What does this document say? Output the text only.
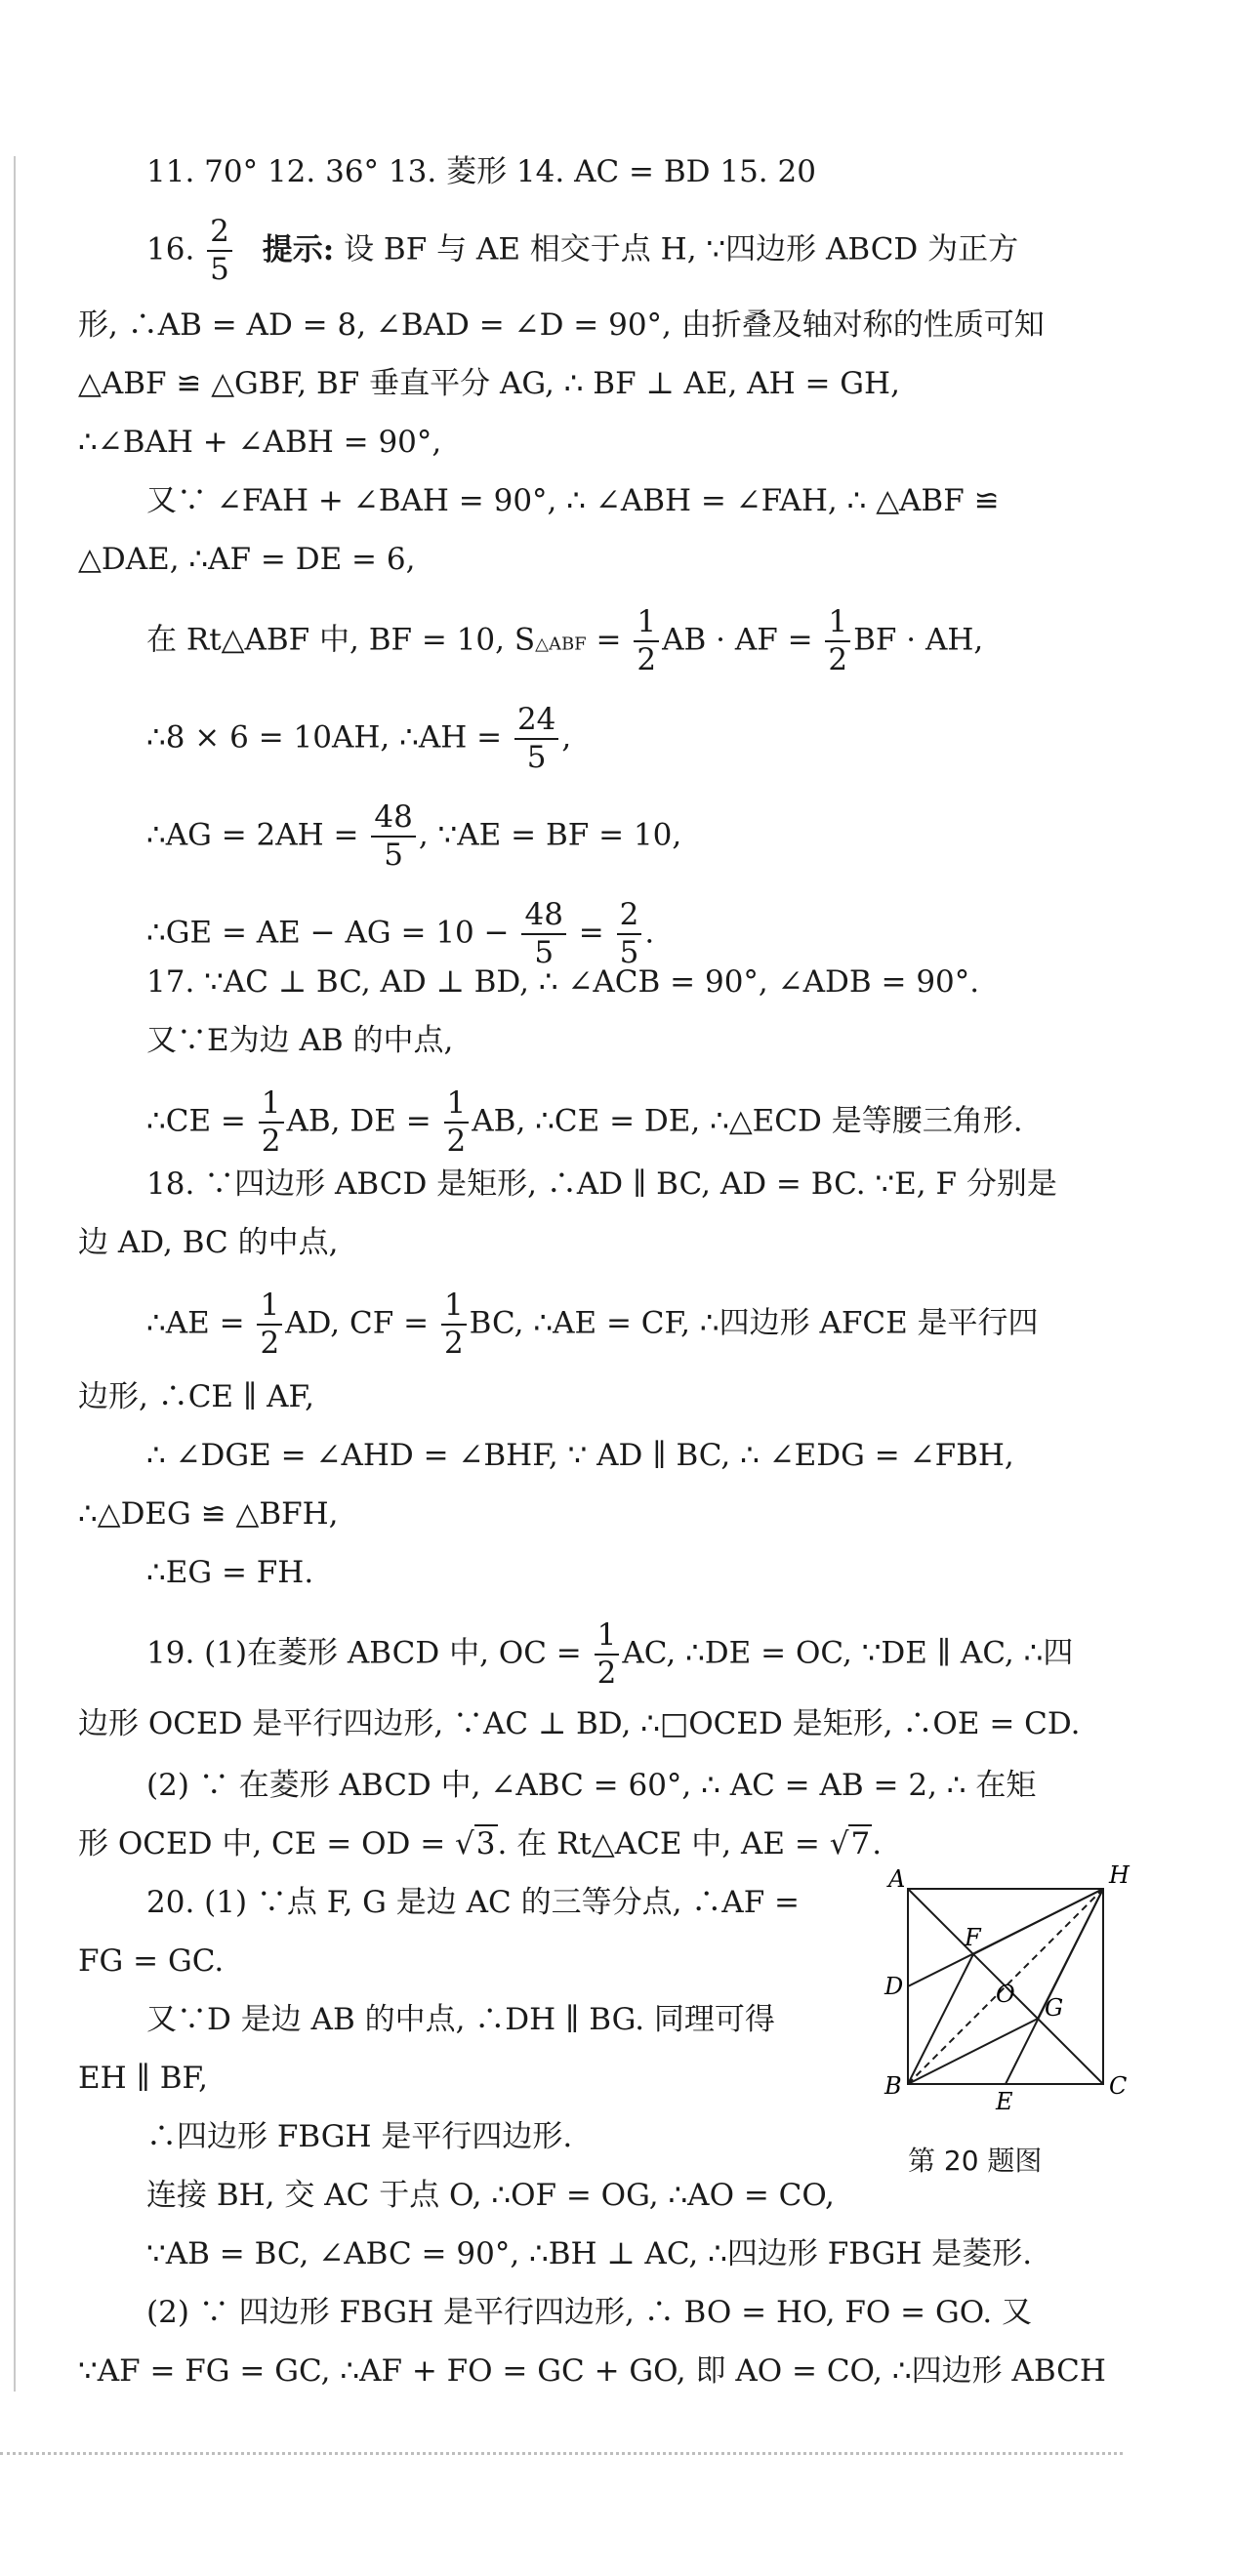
11. 70° 12. 36° 13. 菱形 14. AC = BD 15. 20
16. $\frac{2}{5}$ 提示: 设 BF 与 AE 相交于点 H, ∵四边形 ABCD 为正方
形, ∴AB = AD = 8, ∠BAD = ∠D = 90°, 由折叠及轴对称的性质可知
△ABF ≌ △GBF, BF 垂直平分 AG, ∴ BF ⊥ AE, AH = GH,
∴∠BAH + ∠ABH = 90°,
又∵ ∠FAH + ∠BAH = 90°, ∴ ∠ABH = ∠FAH, ∴ △ABF ≌
△DAE, ∴AF = DE = 6,
在 Rt△ABF 中, BF = 10, S△ABF = $\frac{1}{2}$ AB · AF = $\frac{1}{2}$ BF · AH,
∴8 × 6 = 10AH, ∴AH = $\frac{24}{5}$ ,
∴AG = $2AH = \frac{48}{5}$ , ∵AE = BF = 10,
∴GE = AE − AG = $10 - \frac{48}{5} = \frac{2}{5}$ .
17. ∵AC ⊥ BC, AD ⊥ BD, ∴ ∠ACB = 90°, ∠ADB = 90°.
又∵E为边 AB 的中点,
∴CE = $\frac{1}{2}$ AB, DE = $\frac{1}{2}$ AB, ∴CE = DE, ∴△ECD 是等腰三角形.
18. ∵四边形 ABCD 是矩形, ∴AD ∥ BC, AD = BC. ∵E, F 分别是
边 AD, BC 的中点,
∴AE = $\frac{1}{2}$ AD, CF = $\frac{1}{2}$ BC, ∴AE = CF, ∴四边形 AFCE 是平行四
边形, ∴CE ∥ AF,
∴ ∠DGE = ∠AHD = ∠BHF, ∵ AD ∥ BC, ∴ ∠EDG = ∠FBH,
∴△DEG ≌ △BFH,
∴EG = FH.
19. (1)在菱形 ABCD 中, OC = $\frac{1}{2}$ AC, ∴DE = OC, ∵DE ∥ AC, ∴四
边形 OCED 是平行四边形, ∵AC ⊥ BD, ∴□OCED 是矩形, ∴OE = CD.
(2) ∵ 在菱形 ABCD 中, ∠ABC = 60°, ∴ AC = AB = 2, ∴ 在矩
形 OCED 中, CE = OD = √3. 在 Rt△ACE 中, AE = √7.
20. (1) ∵点 F, G 是边 AC 的三等分点, ∴AF =
FG = GC.
又∵D 是边 AB 的中点, ∴DH ∥ BG. 同理可得
EH ∥ BF,
∴四边形 FBGH 是平行四边形.
连接 BH, 交 AC 于点 O, ∴OF = OG, ∴AO = CO,
∵AB = BC, ∠ABC = 90°, ∴BH ⊥ AC, ∴四边形 FBGH 是菱形.
(2) ∵ 四边形 FBGH 是平行四边形, ∴ BO = HO, FO = GO. 又
∵AF = FG = GC, ∴AF + FO = GC + GO, 即 AO = CO, ∴四边形 ABCH
A	H
F
D	O G
B
E
C
第 20 题图
